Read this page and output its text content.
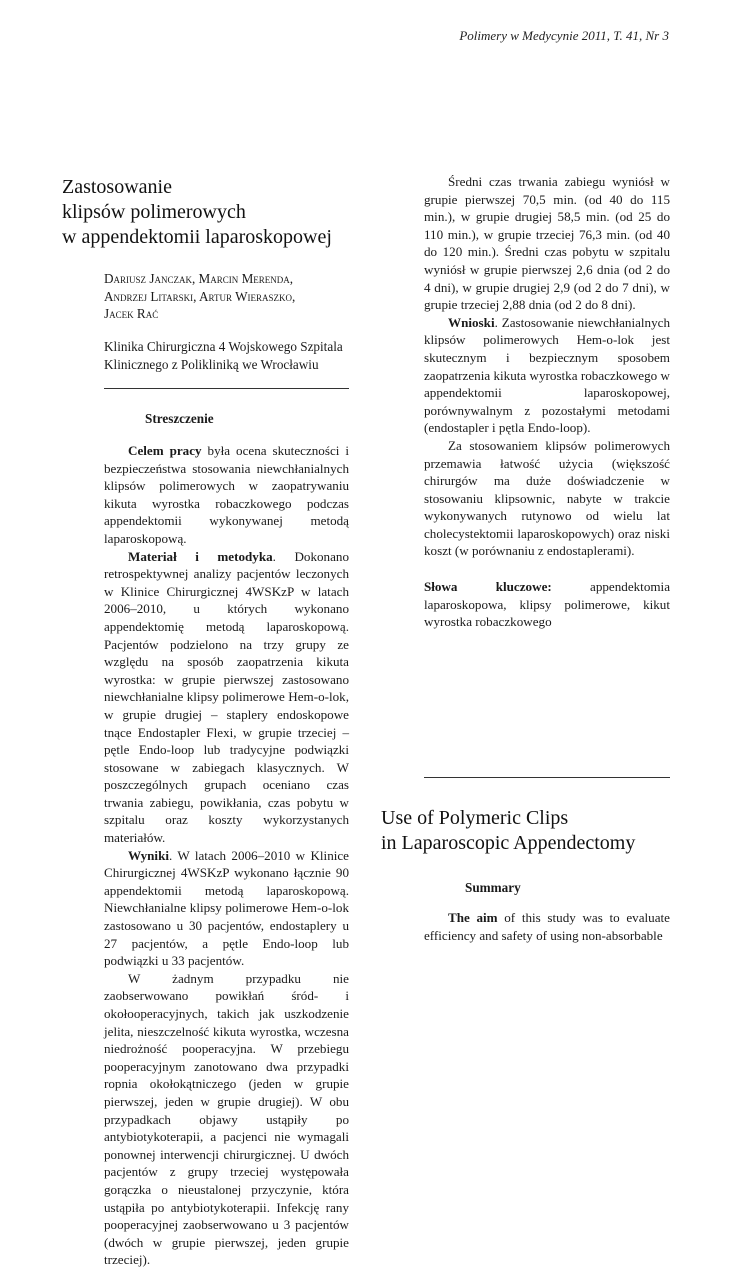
Polimery w Medycynie 2011, T. 41, Nr 3
Zastosowanie
klipsów polimerowych
w appendektomii laparoskopowej
Dariusz Janczak, Marcin Merenda,
Andrzej Litarski, Artur Wieraszko,
Jacek Rać
Klinika Chirurgiczna 4 Wojskowego Szpitala Klinicznego z Polikliniką we Wrocławiu
Streszczenie

Celem pracy była ocena skuteczności i bezpieczeństwa stosowania niewchłanialnych klipsów polimerowych w zaopatrywaniu kikuta wyrostka robaczkowego podczas appendektomii wykonywanej metodą laparoskopową.

Materiał i metodyka. Dokonano retrospektywnej analizy pacjentów leczonych w Klinice Chirurgicznej 4WSKzP w latach 2006–2010, u których wykonano appendektomię metodą laparoskopową. Pacjentów podzielono na trzy grupy ze względu na sposób zaopatrzenia kikuta wyrostka: w grupie pierwszej zastosowano niewchłanialne klipsy polimerowe Hem-o-lok, w grupie drugiej – staplery endoskopowe tnące Endostapler Flexi, w grupie trzeciej – pętle Endo-loop lub tradycyjne podwiązki stosowane w zabiegach klasycznych. W poszczególnych grupach oceniano czas trwania zabiegu, powikłania, czas pobytu w szpitalu oraz koszty wykorzystanych materiałów.

Wyniki. W latach 2006–2010 w Klinice Chirurgicznej 4WSKzP wykonano łącznie 90 appendektomii metodą laparoskopową. Niewchłanialne klipsy polimerowe Hem-o-lok zastosowano u 30 pacjentów, endostaplery u 27 pacjentów, a pętle Endo-loop lub podwiązki u 33 pacjentów.

W żadnym przypadku nie zaobserwowano powikłań śród- i okołooperacyjnych, takich jak uszkodzenie jelita, nieszczelność kikuta wyrostka, wczesna niedrożność pooperacyjna. W przebiegu pooperacyjnym zanotowano dwa przypadki ropnia okołokątniczego (jeden w grupie pierwszej, jeden w grupie drugiej). W obu przypadkach objawy ustąpiły po antybiotykoterapii, a pacjenci nie wymagali ponownej interwencji chirurgicznej. U dwóch pacjentów z grupy trzeciej występowała gorączka o nieustalonej przyczynie, która ustąpiła po antybiotykoterapii. Infekcję rany pooperacyjnej zaobserwowano u 3 pacjentów (dwóch w grupie pierwszej, jeden grupie trzeciej).

Średni czas trwania zabiegu wyniósł w grupie pierwszej 70,5 min. (od 40 do 115 min.), w grupie drugiej 58,5 min. (od 25 do 110 min.), w grupie trzeciej 76,3 min. (od 40 do 120 min.). Średni czas pobytu w szpitalu wyniósł w grupie pierwszej 2,6 dnia (od 2 do 4 dni), w grupie drugiej 2,9 (od 2 do 7 dni), w grupie trzeciej 2,88 dnia (od 2 do 8 dni).

Wnioski. Zastosowanie niewchłanialnych klipsów polimerowych Hem-o-lok jest skutecznym i bezpiecznym sposobem zaopatrzenia kikuta wyrostka robaczkowego w appendektomii laparoskopowej, porównywalnym z pozostałymi metodami (endostapler i pętla Endo-loop).

Za stosowaniem klipsów polimerowych przemawia łatwość użycia (większość chirurgów ma duże doświadczenie w stosowaniu klipsownic, nabyte w trakcie wykonywanych rutynowo od wielu lat cholecystektomii laparoskopowych) oraz niski koszt (w porównaniu z endostaplerami).

Słowa kluczowe: appendektomia laparoskopowa, klipsy polimerowe, kikut wyrostka robaczkowego

Use of Polymeric Clips
in Laparoscopic Appendectomy
Summary

The aim of this study was to evaluate efficiency and safety of using non-absorbable
